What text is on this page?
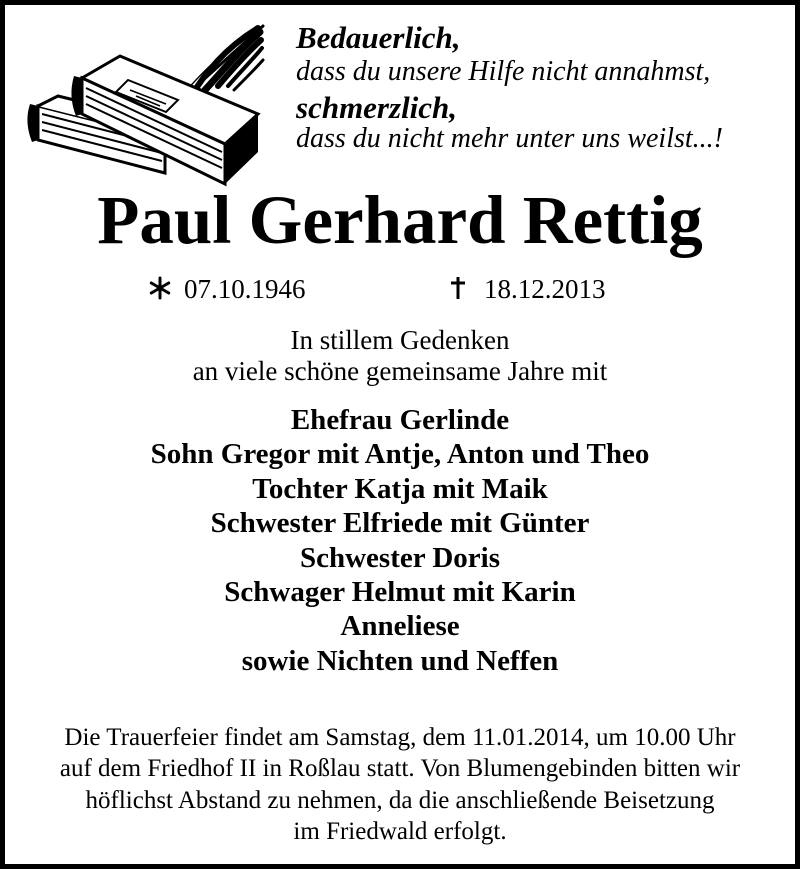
Bedauerlich,

dass du unsere Hilfe nicht annahmst,

schmerzlich,

dass du nicht mehr unter uns weilst...!

Paul Gerhard Rettig
07.10.1946	18.12.2013
In stillem Gedenken
an viele schöne gemeinsame Jahre mit
Ehefrau Gerlinde
Sohn Gregor mit Antje, Anton und Theo
Tochter Katja mit Maik
Schwester Elfriede mit Günter
Schwester Doris
Schwager Helmut mit Karin
Anneliese
sowie Nichten und Neffen
Die Trauerfeier findet am Samstag, dem 11.01.2014, um 10.00 Uhr
auf dem Friedhof II in Roßlau statt. Von Blumengebinden bitten wir
höflichst Abstand zu nehmen, da die anschließende Beisetzung
im Friedwald erfolgt.
